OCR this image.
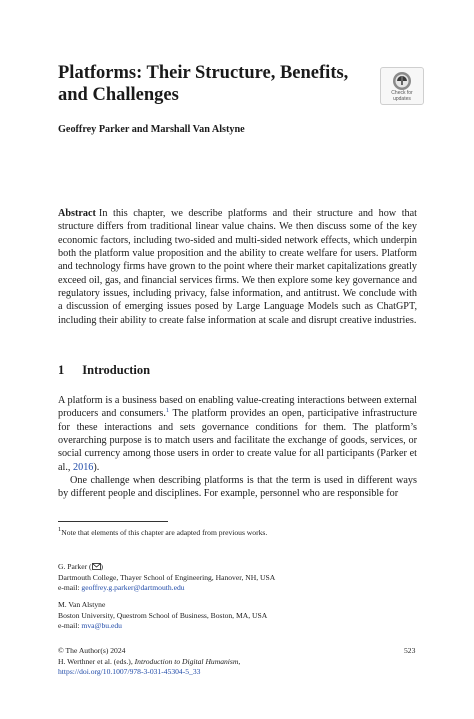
Platforms: Their Structure, Benefits,
and Challenges	Check for
updates
Geoffrey Parker and Marshall Van Alstyne
Abstract In this chapter, we describe platforms and their structure and how that structure differs from traditional linear value chains. We then discuss some of the key economic factors, including two-sided and multi-sided network effects, which underpin both the platform value proposition and the ability to create welfare for users. Platform and technology firms have grown to the point where their market capitalizations greatly exceed oil, gas, and financial services firms. We then explore some key governance and regulatory issues, including privacy, false information, and antitrust. We conclude with a discussion of emerging issues posed by Large Language Models such as ChatGPT, including their ability to create false information at scale and disrupt creative industries.
1 Introduction

A platform is a business based on enabling value-creating interactions between external producers and consumers.$^1$ The platform provides an open, participative infrastructure for these interactions and sets governance conditions for them. The platform’s overarching purpose is to match users and facilitate the exchange of goods, services, or social currency among those users in order to create value for all participants (Parker et al., 2016).

One challenge when describing platforms is that the term is used in different ways by different people and disciplines. For example, personnel who are responsible for

$^1$Note that elements of this chapter are adapted from previous works.
G. Parker ( )
Dartmouth College, Thayer School of Engineering, Hanover, NH, USA
e-mail: geoffrey.g.parker@dartmouth.edu
M. Van Alstyne
Boston University, Questrom School of Business, Boston, MA, USA
e-mail: mva@bu.edu
© The Author(s) 2024
H. Werthner et al. (eds.), Introduction to Digital Humanism,
https://doi.org/10.1007/978-3-031-45304-5_33
523
